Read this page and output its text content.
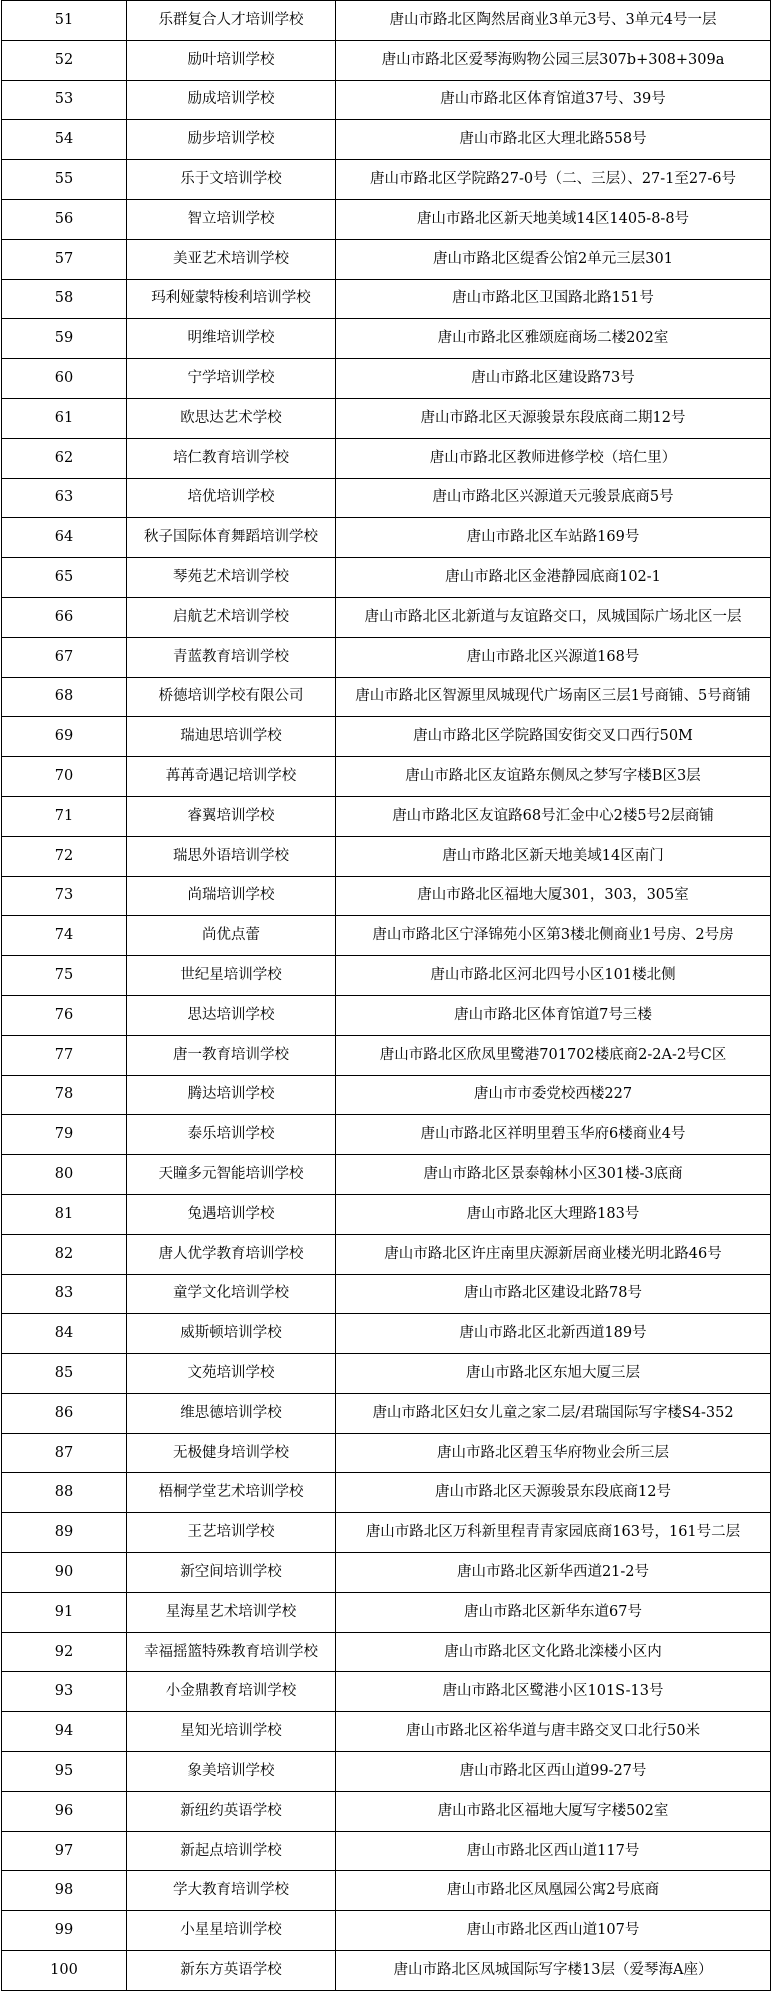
51	乐群复合人才培训学校	唐山市路北区陶然居商业3单元3号、3单元4号一层
52	励叶培训学校	唐山市路北区爱琴海购物公园三层307b+308+309a
53	励成培训学校	唐山市路北区体育馆道37号、39号
54	励步培训学校	唐山市路北区大理北路558号
55	乐于文培训学校	唐山市路北区学院路27-0号（二、三层）、27-1至27-6号
56	智立培训学校	唐山市路北区新天地美域14区1405-8-8号
57	美亚艺术培训学校	唐山市路北区缇香公馆2单元三层301
58	玛利娅蒙特梭利培训学校	唐山市路北区卫国路北路151号
59	明维培训学校	唐山市路北区雅颂庭商场二楼202室
60	宁学培训学校	唐山市路北区建设路73号
61	欧思达艺术学校	唐山市路北区天源骏景东段底商二期12号
62	培仁教育培训学校	唐山市路北区教师进修学校（培仁里）
63	培优培训学校	唐山市路北区兴源道天元骏景底商5号
64	秋子国际体育舞蹈培训学校	唐山市路北区车站路169号
65	琴苑艺术培训学校	唐山市路北区金港静园底商102-1
66	启航艺术培训学校	唐山市路北区北新道与友谊路交口，凤城国际广场北区一层
67	青蓝教育培训学校	唐山市路北区兴源道168号
68	桥德培训学校有限公司	唐山市路北区智源里凤城现代广场南区三层1号商铺、5号商铺
69	瑞迪思培训学校	唐山市路北区学院路国安街交叉口西行50M
70	苒苒奇遇记培训学校	唐山市路北区友谊路东侧凤之梦写字楼B区3层
71	睿翼培训学校	唐山市路北区友谊路68号汇金中心2楼5号2层商铺
72	瑞思外语培训学校	唐山市路北区新天地美域14区南门
73	尚瑞培训学校	唐山市路北区福地大厦301，303，305室
74	尚优点蕾	唐山市路北区宁泽锦苑小区第3楼北侧商业1号房、2号房
75	世纪星培训学校	唐山市路北区河北四号小区101楼北侧
76	思达培训学校	唐山市路北区体育馆道7号三楼
77	唐一教育培训学校	唐山市路北区欣凤里鹭港701702楼底商2-2A-2号C区
78	腾达培训学校	唐山市市委党校西楼227
79	泰乐培训学校	唐山市路北区祥明里碧玉华府6楼商业4号
80	天瞳多元智能培训学校	唐山市路北区景泰翰林小区301楼-3底商
81	兔遇培训学校	唐山市路北区大理路183号
82	唐人优学教育培训学校	唐山市路北区许庄南里庆源新居商业楼光明北路46号
83	童学文化培训学校	唐山市路北区建设北路78号
84	威斯顿培训学校	唐山市路北区北新西道189号
85	文苑培训学校	唐山市路北区东旭大厦三层
86	维思德培训学校	唐山市路北区妇女儿童之家二层/君瑞国际写字楼S4-352
87	无极健身培训学校	唐山市路北区碧玉华府物业会所三层
88	梧桐学堂艺术培训学校	唐山市路北区天源骏景东段底商12号
89	王艺培训学校	唐山市路北区万科新里程青青家园底商163号，161号二层
90	新空间培训学校	唐山市路北区新华西道21-2号
91	星海星艺术培训学校	唐山市路北区新华东道67号
92	幸福摇篮特殊教育培训学校	唐山市路北区文化路北滦楼小区内
93	小金鼎教育培训学校	唐山市路北区鹭港小区101S-13号
94	星知光培训学校	唐山市路北区裕华道与唐丰路交叉口北行50米
95	象美培训学校	唐山市路北区西山道99-27号
96	新纽约英语学校	唐山市路北区福地大厦写字楼502室
97	新起点培训学校	唐山市路北区西山道117号
98	学大教育培训学校	唐山市路北区凤凰园公寓2号底商
99	小星星培训学校	唐山市路北区西山道107号
100	新东方英语学校	唐山市路北区凤城国际写字楼13层（爱琴海A座）
